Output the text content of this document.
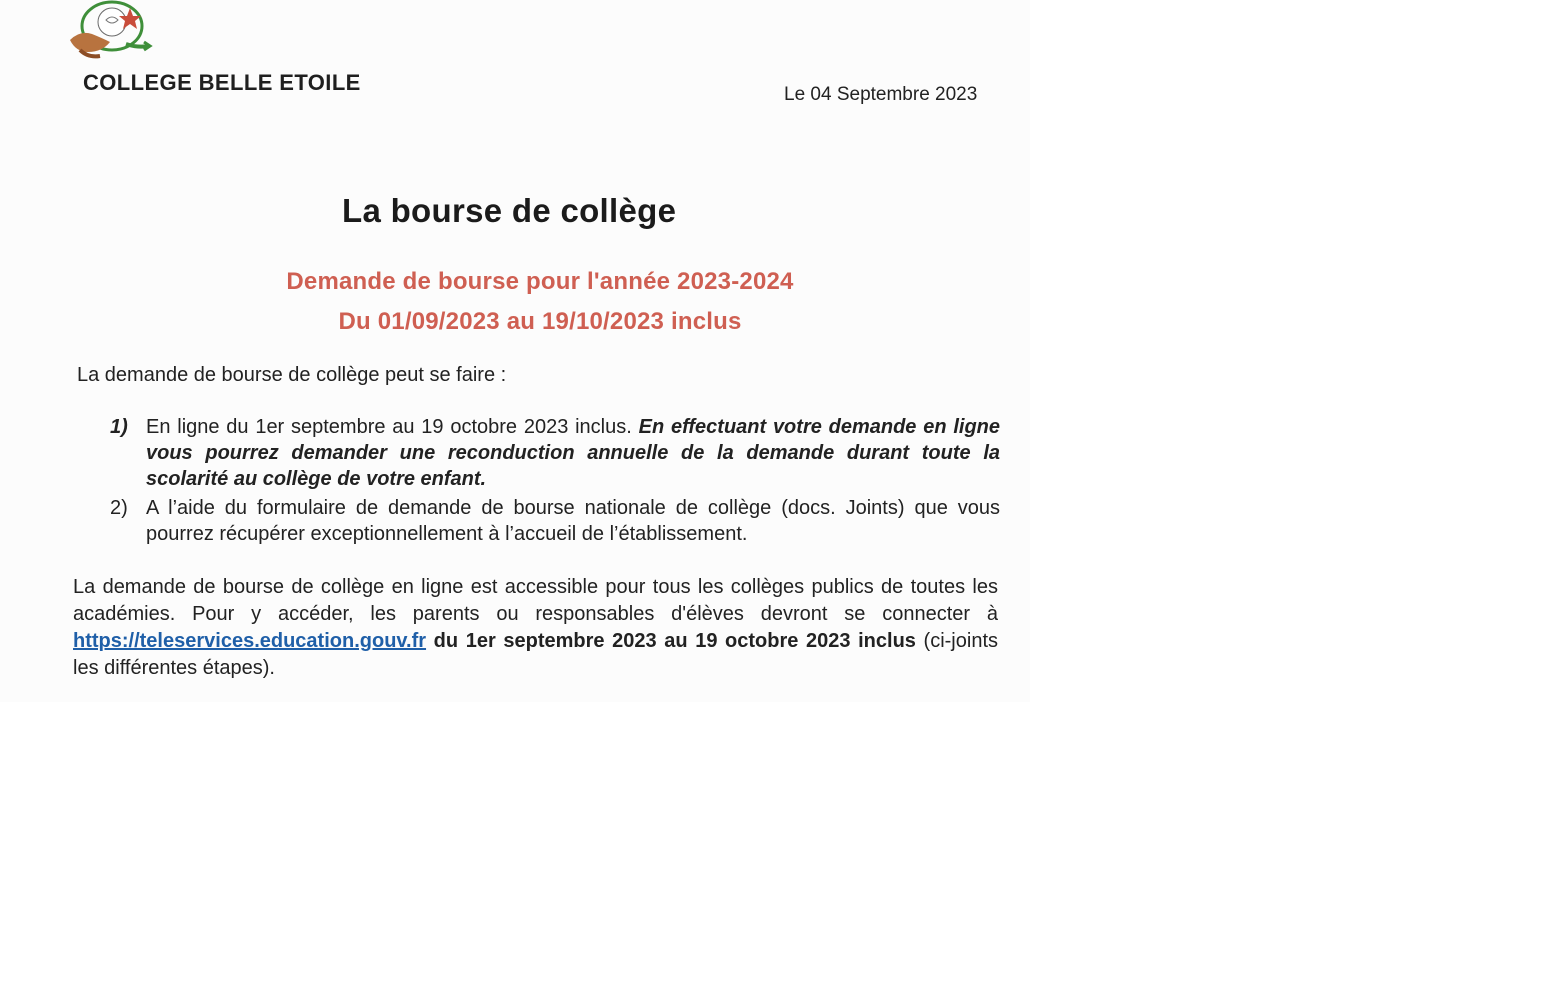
COLLEGE BELLE ETOILE	Le 04 Septembre 2023
La bourse de collège
Demande de bourse pour l'année 2023-2024
Du 01/09/2023 au 19/10/2023 inclus
La demande de bourse de collège peut se faire :
1) En ligne du 1er septembre au 19 octobre 2023 inclus. En effectuant votre demande en ligne vous pourrez demander une reconduction annuelle de la demande durant toute la scolarité au collège de votre enfant.
2) A l’aide du formulaire de demande de bourse nationale de collège (docs. Joints) que vous pourrez récupérer exceptionnellement à l’accueil de l’établissement.
La demande de bourse de collège en ligne est accessible pour tous les collèges publics de toutes les académies. Pour y accéder, les parents ou responsables d'élèves devront se connecter à https://teleservices.education.gouv.fr du 1er septembre 2023 au 19 octobre 2023 inclus (ci-joints les différentes étapes).
